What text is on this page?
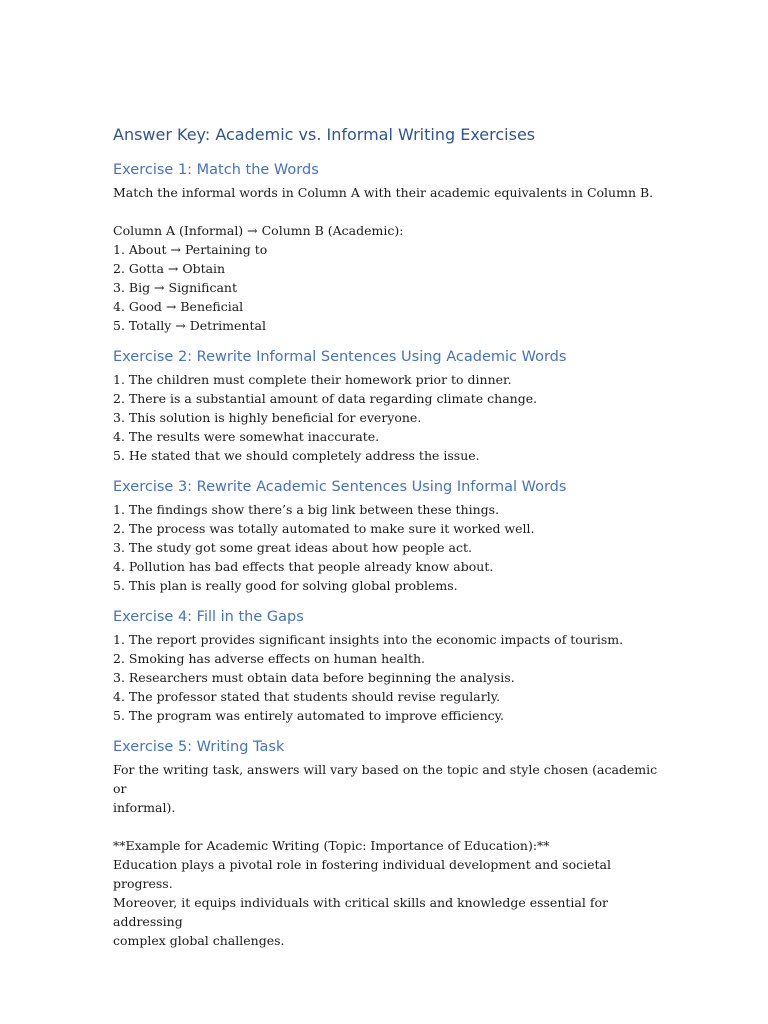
Answer Key: Academic vs. Informal Writing Exercises
Exercise 1: Match the Words

Match the informal words in Column A with their academic equivalents in Column B.

Column A (Informal) → Column B (Academic):

1. About → Pertaining to

2. Gotta → Obtain

3. Big → Significant

4. Good → Beneficial

5. Totally → Detrimental

Exercise 2: Rewrite Informal Sentences Using Academic Words

1. The children must complete their homework prior to dinner.

2. There is a substantial amount of data regarding climate change.

3. This solution is highly beneficial for everyone.

4. The results were somewhat inaccurate.

5. He stated that we should completely address the issue.

Exercise 3: Rewrite Academic Sentences Using Informal Words

1. The findings show there’s a big link between these things.

2. The process was totally automated to make sure it worked well.

3. The study got some great ideas about how people act.

4. Pollution has bad effects that people already know about.

5. This plan is really good for solving global problems.

Exercise 4: Fill in the Gaps

1. The report provides significant insights into the economic impacts of tourism.

2. Smoking has adverse effects on human health.

3. Researchers must obtain data before beginning the analysis.

4. The professor stated that students should revise regularly.

5. The program was entirely automated to improve efficiency.

Exercise 5: Writing Task

For the writing task, answers will vary based on the topic and style chosen (academic or

informal).

**Example for Academic Writing (Topic: Importance of Education):**

Education plays a pivotal role in fostering individual development and societal progress.

Moreover, it equips individuals with critical skills and knowledge essential for addressing

complex global challenges.
